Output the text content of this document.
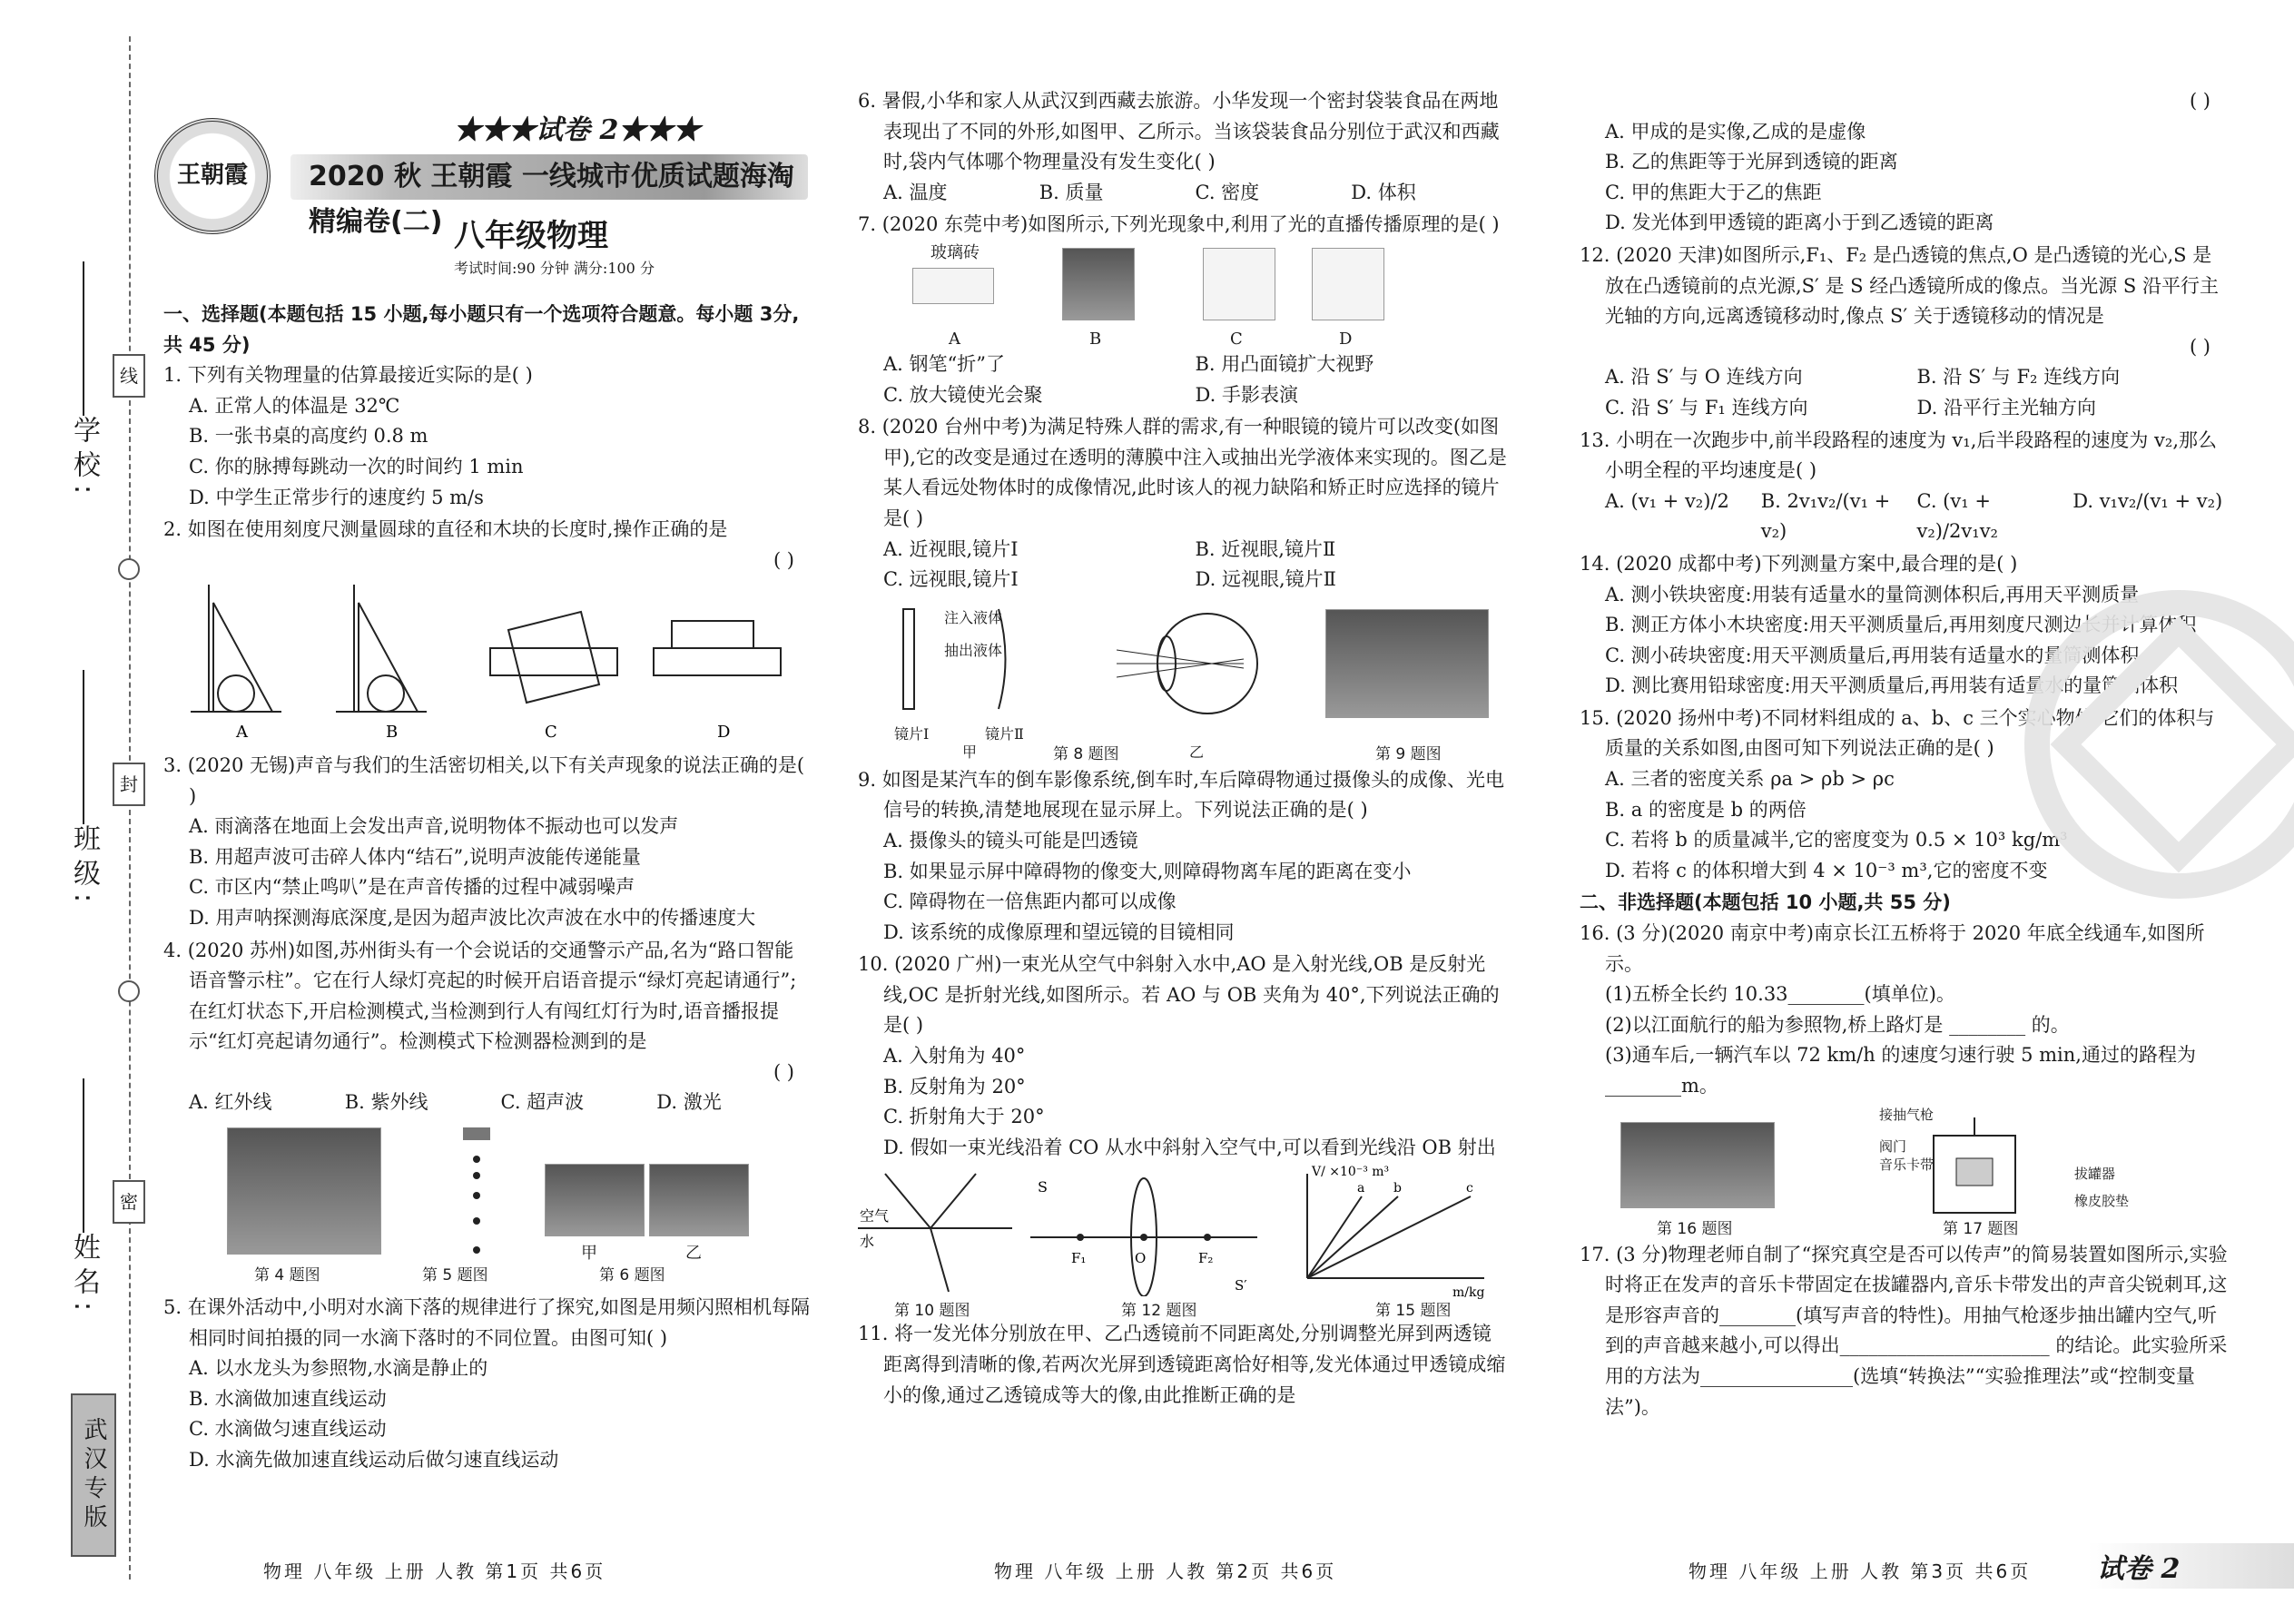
学校:
班级:
姓名:
线
封
密
武汉专版
王朝霞
★★★试卷 2★★★
2020 秋 王朝霞 一线城市优质试题海淘精编卷(二) 八年级物理
考试时间:90 分钟 满分:100 分
一、选择题(本题包括 15 小题,每小题只有一个选项符合题意。每小题 3分,共 45 分)

1. 下列有关物理量的估算最接近实际的是( )

A. 正常人的体温是 32℃
B. 一张书桌的高度约 0.8 m
C. 你的脉搏每跳动一次的时间约 1 min
D. 中学生正常步行的速度约 5 m/s

2. 如图在使用刻度尺测量圆球的直径和木块的长度时,操作正确的是

( )
A	B	C	D

3. (2020 无锡)声音与我们的生活密切相关,以下有关声现象的说法正确的是( )

A. 雨滴落在地面上会发出声音,说明物体不振动也可以发声
B. 用超声波可击碎人体内“结石”,说明声波能传递能量
C. 市区内“禁止鸣叭”是在声音传播的过程中减弱噪声
D. 用声呐探测海底深度,是因为超声波比次声波在水中的传播速度大

4. (2020 苏州)如图,苏州街头有一个会说话的交通警示产品,名为“路口智能语音警示柱”。它在行人绿灯亮起的时候开启语音提示“绿灯亮起请通行”;在红灯状态下,开启检测模式,当检测到行人有闯红灯行为时,语音播报提示“红灯亮起请勿通行”。检测模式下检测器检测到的是

( )
A. 红外线	B. 紫外线	C. 超声波	D. 激光
甲	乙
第 4 题图	第 5 题图	第 6 题图

5. 在课外活动中,小明对水滴下落的规律进行了探究,如图是用频闪照相机每隔相同时间拍摄的同一水滴下落时的不同位置。由图可知( )

A. 以水龙头为参照物,水滴是静止的
B. 水滴做加速直线运动
C. 水滴做匀速直线运动
D. 水滴先做加速直线运动后做匀速直线运动

6. 暑假,小华和家人从武汉到西藏去旅游。小华发现一个密封袋装食品在两地表现出了不同的外形,如图甲、乙所示。当该袋装食品分别位于武汉和西藏时,袋内气体哪个物理量没有发生变化( )

A. 温度	B. 质量	C. 密度	D. 体积

7. (2020 东莞中考)如图所示,下列光现象中,利用了光的直播传播原理的是( )

玻璃砖
A	B	C	D
A. 钢笔“折”了	B. 用凸面镜扩大视野
C. 放大镜使光会聚	D. 手影表演

8. (2020 台州中考)为满足特殊人群的需求,有一种眼镜的镜片可以改变(如图甲),它的改变是通过在透明的薄膜中注入或抽出光学液体来实现的。图乙是某人看远处物体时的成像情况,此时该人的视力缺陷和矫正时应选择的镜片是( )

A. 近视眼,镜片Ⅰ	B. 近视眼,镜片Ⅱ
C. 远视眼,镜片Ⅰ	D. 远视眼,镜片Ⅱ
注入液体
抽出液体
镜片Ⅰ	镜片Ⅱ
甲	乙
第 8 题图	第 9 题图

9. 如图是某汽车的倒车影像系统,倒车时,车后障碍物通过摄像头的成像、光电信号的转换,清楚地展现在显示屏上。下列说法正确的是( )

A. 摄像头的镜头可能是凹透镜
B. 如果显示屏中障碍物的像变大,则障碍物离车尾的距离在变小
C. 障碍物在一倍焦距内都可以成像
D. 该系统的成像原理和望远镜的目镜相同

10. (2020 广州)一束光从空气中斜射入水中,AO 是入射光线,OB 是反射光线,OC 是折射光线,如图所示。若 AO 与 OB 夹角为 40°,下列说法正确的是( )

A. 入射角为 40°
B. 反射角为 20°
C. 折射角大于 20°
D. 假如一束光线沿着 CO 从水中斜射入空气中,可以看到光线沿 OB 射出
空气
水
S
F₁	O	F₂
S′
V/ ×10⁻³ m³
m/kg
a b	c
第 10 题图	第 12 题图	第 15 题图

11. 将一发光体分别放在甲、乙凸透镜前不同距离处,分别调整光屏到两透镜距离得到清晰的像,若两次光屏到透镜距离恰好相等,发光体通过甲透镜成缩小的像,通过乙透镜成等大的像,由此推断正确的是

( )
A. 甲成的是实像,乙成的是虚像
B. 乙的焦距等于光屏到透镜的距离
C. 甲的焦距大于乙的焦距
D. 发光体到甲透镜的距离小于到乙透镜的距离

12. (2020 天津)如图所示,F₁、F₂ 是凸透镜的焦点,O 是凸透镜的光心,S 是放在凸透镜前的点光源,S′ 是 S 经凸透镜所成的像点。当光源 S 沿平行主光轴的方向,远离透镜移动时,像点 S′ 关于透镜移动的情况是

( )
A. 沿 S′ 与 O 连线方向	B. 沿 S′ 与 F₂ 连线方向
C. 沿 S′ 与 F₁ 连线方向	D. 沿平行主光轴方向

13. 小明在一次跑步中,前半段路程的速度为 v₁,后半段路程的速度为 v₂,那么小明全程的平均速度是( )

A. (v₁ + v₂)/2	B. 2v₁v₂/(v₁ + v₂)
C. (v₁ + v₂)/2v₁v₂
D. v₁v₂/(v₁ + v₂)

14. (2020 成都中考)下列测量方案中,最合理的是( )

A. 测小铁块密度:用装有适量水的量筒测体积后,再用天平测质量
B. 测正方体小木块密度:用天平测质量后,再用刻度尺测边长并计算体积
C. 测小砖块密度:用天平测质量后,再用装有适量水的量筒测体积
D. 测比赛用铅球密度:用天平测质量后,再用装有适量水的量筒测体积

15. (2020 扬州中考)不同材料组成的 a、b、c 三个实心物体,它们的体积与质量的关系如图,由图可知下列说法正确的是( )

A. 三者的密度关系 ρa > ρb > ρc
B. a 的密度是 b 的两倍
C. 若将 b 的质量减半,它的密度变为 0.5 × 10³ kg/m³
D. 若将 c 的体积增大到 4 × 10⁻³ m³,它的密度不变
二、非选择题(本题包括 10 小题,共 55 分)

16. (3 分)(2020 南京中考)南京长江五桥将于 2020 年底全线通车,如图所示。

(1)五桥全长约 10.33________(填单位)。
(2)以江面航行的船为参照物,桥上路灯是 ________ 的。
(3)通车后,一辆汽车以 72 km/h 的速度匀速行驶 5 min,通过的路程为________m。
接抽气枪
阀门
音乐卡带
拔罐器
橡皮胶垫
第 16 题图	第 17 题图

17. (3 分)物理老师自制了“探究真空是否可以传声”的简易装置如图所示,实验时将正在发声的音乐卡带固定在拔罐器内,音乐卡带发出的声音尖锐刺耳,这是形容声音的________(填写声音的特性)。用抽气枪逐步抽出罐内空气,听到的声音越来越小,可以得出______________________ 的结论。此实验所采用的方法为________________(选填“转换法”“实验推理法”或“控制变量法”)。

物理 八年级 上册 人教 第1页 共6页	物理 八年级 上册 人教 第2页 共6页	物理 八年级 上册 人教 第3页 共6页 试卷 2
